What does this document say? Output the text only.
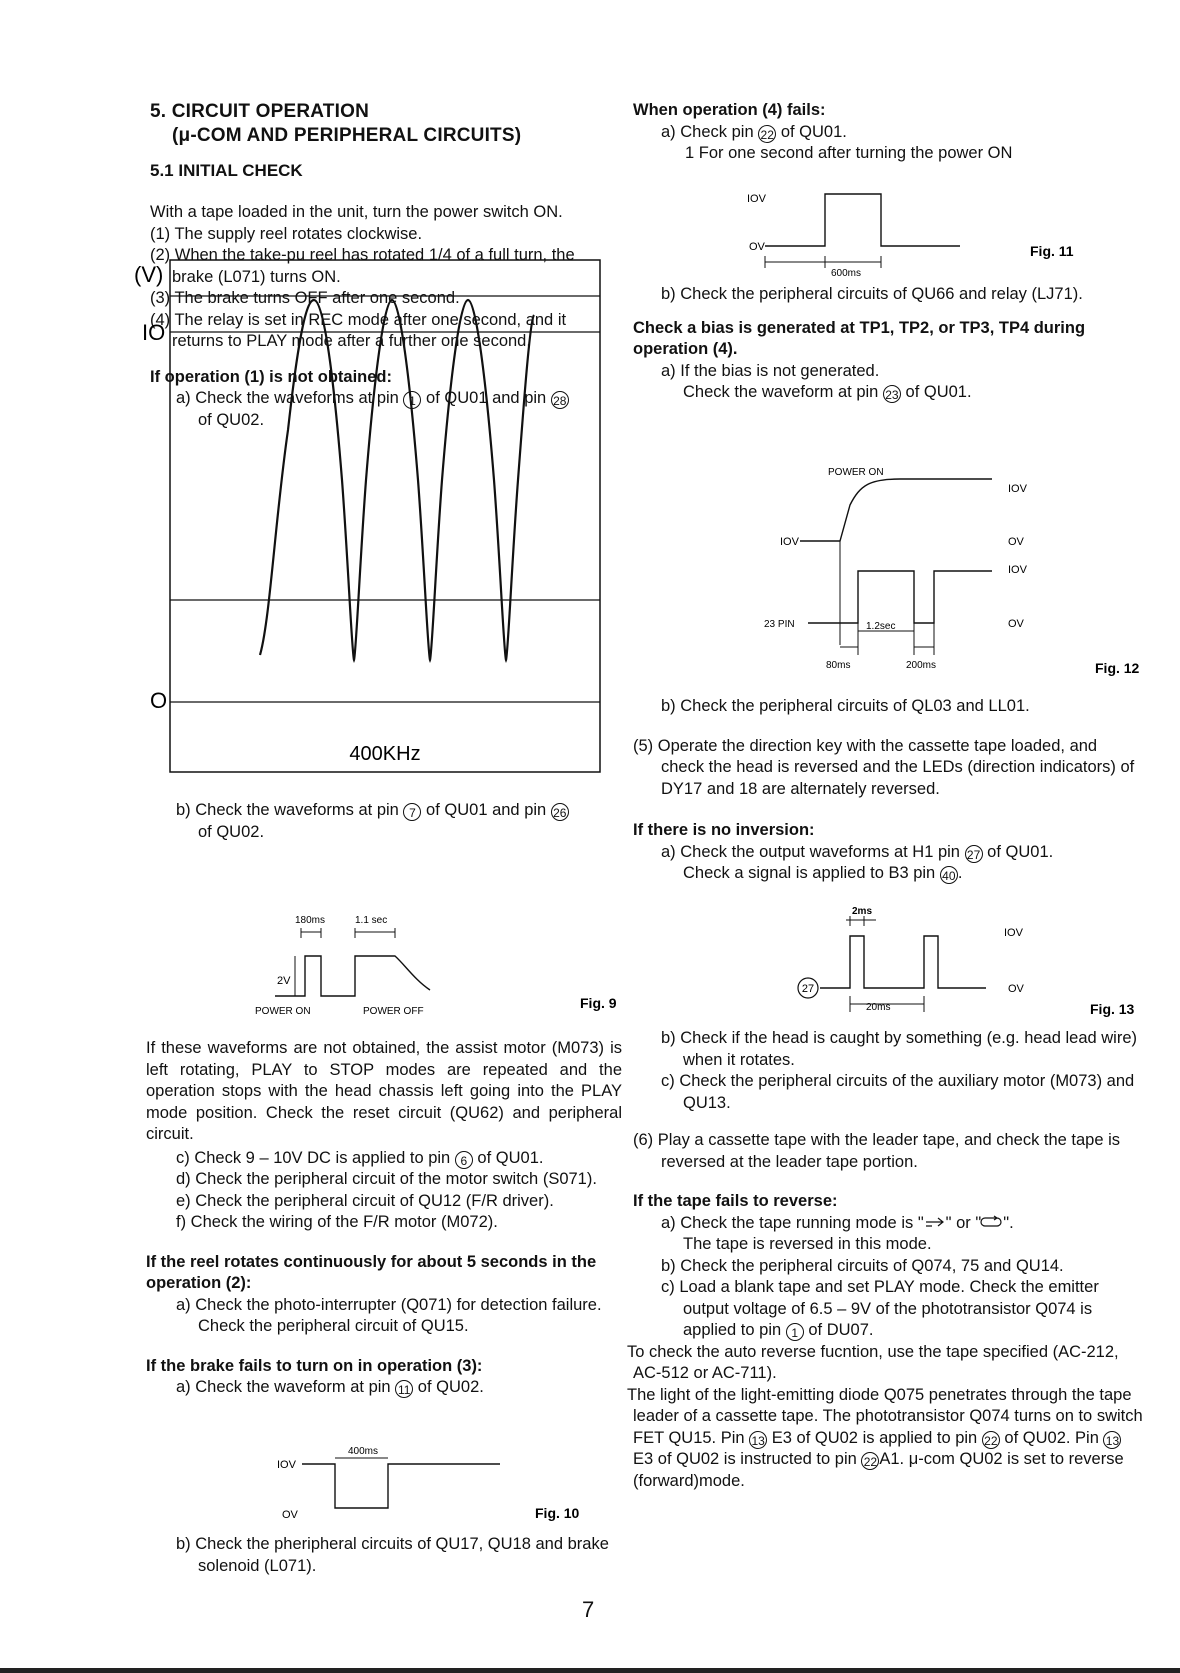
5. CIRCUIT OPERATION
(μ-COM AND PERIPHERAL CIRCUITS)
5.1 INITIAL CHECK
With a tape loaded in the unit, turn the power switch ON.
(1) The supply reel rotates clockwise.
(2) When the take-pu reel has rotated 1/4 of a full turn, the brake (L071) turns ON.
(3) The brake turns OFF after one second.
(4) The relay is set in REC mode after one second, and it returns to PLAY mode after a further one second.
If operation (1) is not obtained:
a) Check the waveforms at pin 1 of QU01 and pin 28
of QU02.
(V)
IO
O
400KHz
b) Check the waveforms at pin 7 of QU01 and pin 26
of QU02.
180ms	1.1 sec
2V
POWER ON	POWER OFF
Fig. 9
If these waveforms are not obtained, the assist motor (M073) is left rotating, PLAY to STOP modes are repeated and the operation stops with the head chassis left going into the PLAY mode position. Check the reset circuit (QU62) and peripheral circuit.
c) Check 9 – 10V DC is applied to pin 6 of QU01.
d) Check the peripheral circuit of the motor switch (S071).
e) Check the peripheral circuit of QU12 (F/R driver).
f) Check the wiring of the F/R motor (M072).
If the reel rotates continuously for about 5 seconds in the operation (2):
a) Check the photo-interrupter (Q071) for detection failure. Check the peripheral circuit of QU15.
If the brake fails to turn on in operation (3):
a) Check the waveform at pin 11 of QU02.
IOV
400ms
OV	Fig. 10
b) Check the pheripheral circuits of QU17, QU18 and brake solenoid (L071).
When operation (4) fails:
a) Check pin 22 of QU01.
1 For one second after turning the power ON
IOV
OV
600ms
Fig. 11
b) Check the peripheral circuits of QU66 and relay (LJ71).
Check a bias is generated at TP1, TP2, or TP3, TP4 during operation (4).
a) If the bias is not generated.
Check the waveform at pin 23 of QU01.
POWER ON
IOV
IOV
OV
IOV
OV
23 PIN	1.2sec
80ms	200ms	Fig. 12
b) Check the peripheral circuits of QL03 and LL01.
(5) Operate the direction key with the cassette tape loaded, and check the head is reversed and the LEDs (direction indicators) of DY17 and 18 are alternately reversed.
If there is no inversion:
a) Check the output waveforms at H1 pin 27 of QU01.
Check a signal is applied to B3 pin 40 .
2ms
IOV
OV
27
20ms	Fig. 13
b) Check if the head is caught by something (e.g. head lead wire) when it rotates.
c) Check the peripheral circuits of the auxiliary motor (M073) and QU13.
(6) Play a cassette tape with the leader tape, and check the tape is reversed at the leader tape portion.
If the tape fails to reverse:
a) Check the tape running mode is " " or " ".
The tape is reversed in this mode.
b) Check the peripheral circuits of Q074, 75 and QU14.
c) Load a blank tape and set PLAY mode. Check the emitter output voltage of 6.5 – 9V of the phototransistor Q074 is applied to pin 1 of DU07.
To check the auto reverse fucntion, use the tape specified (AC-212, AC-512 or AC-711).
The light of the light-emitting diode Q075 penetrates through the tape leader of a cassette tape. The phototransistor Q074 turns on to switch FET QU15. Pin 13 E3 of QU02 is applied to pin 22 of QU02. Pin 13 E3 of QU02 is instructed to pin 22 A1. μ-com QU02 is set to reverse (forward)mode.
7
